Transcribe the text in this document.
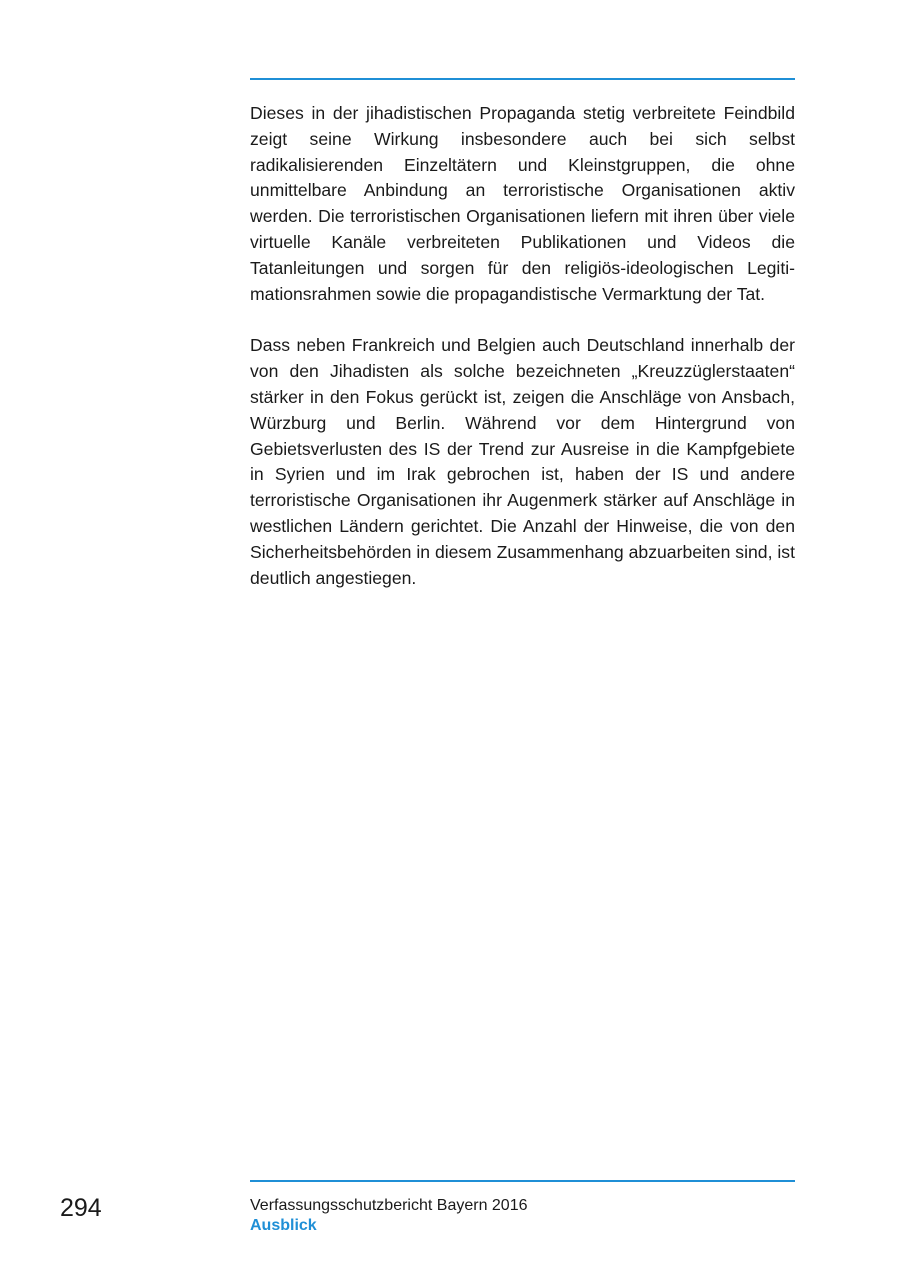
Dieses in der jihadistischen Propaganda stetig verbreitete Feindbild zeigt seine Wirkung insbesondere auch bei sich selbst radikalisierenden Einzeltätern und Kleinstgruppen, die ohne unmittelbare Anbindung an terroristische Organisationen aktiv werden. Die terroristischen Organisationen liefern mit ihren über viele virtuelle Kanäle verbreiteten Publikationen und Videos die Tatanleitungen und sorgen für den religiös-ideologischen Legitimationsrahmen sowie die propagandistische Vermarktung der Tat.

Dass neben Frankreich und Belgien auch Deutschland innerhalb der von den Jihadisten als solche bezeichneten „Kreuzzüglerstaaten“ stärker in den Fokus gerückt ist, zeigen die Anschläge von Ansbach, Würzburg und Berlin. Während vor dem Hintergrund von Gebietsverlusten des IS der Trend zur Ausreise in die Kampfgebiete in Syrien und im Irak gebrochen ist, haben der IS und andere terroristische Organisationen ihr Augenmerk stärker auf Anschläge in westlichen Ländern gerichtet. Die Anzahl der Hinweise, die von den Sicherheitsbehörden in diesem Zusammenhang abzuarbeiten sind, ist deutlich angestiegen.

294	Verfassungsschutzbericht Bayern 2016
Ausblick
